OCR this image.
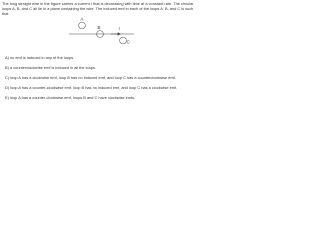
The long straight wire in the figure carries a current I that is decreasing with time at a constant rate. The circular loops A, B, and C all lie in a plane containing the wire. The induced emf in each of the loops A, B, and C is such that

A
I
B
C
A) no emf is induced in any of the loops.
B) a counterclockwise emf is induced in all the loops.
C) loop A has a clockwise emf, loop B has no induced emf, and loop C has a counterclockwise emf.
D) loop A has a counter-clockwise emf, loop B has no induced emf, and loop C has a clockwise emf.
E) loop A has a counter-clockwise emf, loops B and C have clockwise emfs.
